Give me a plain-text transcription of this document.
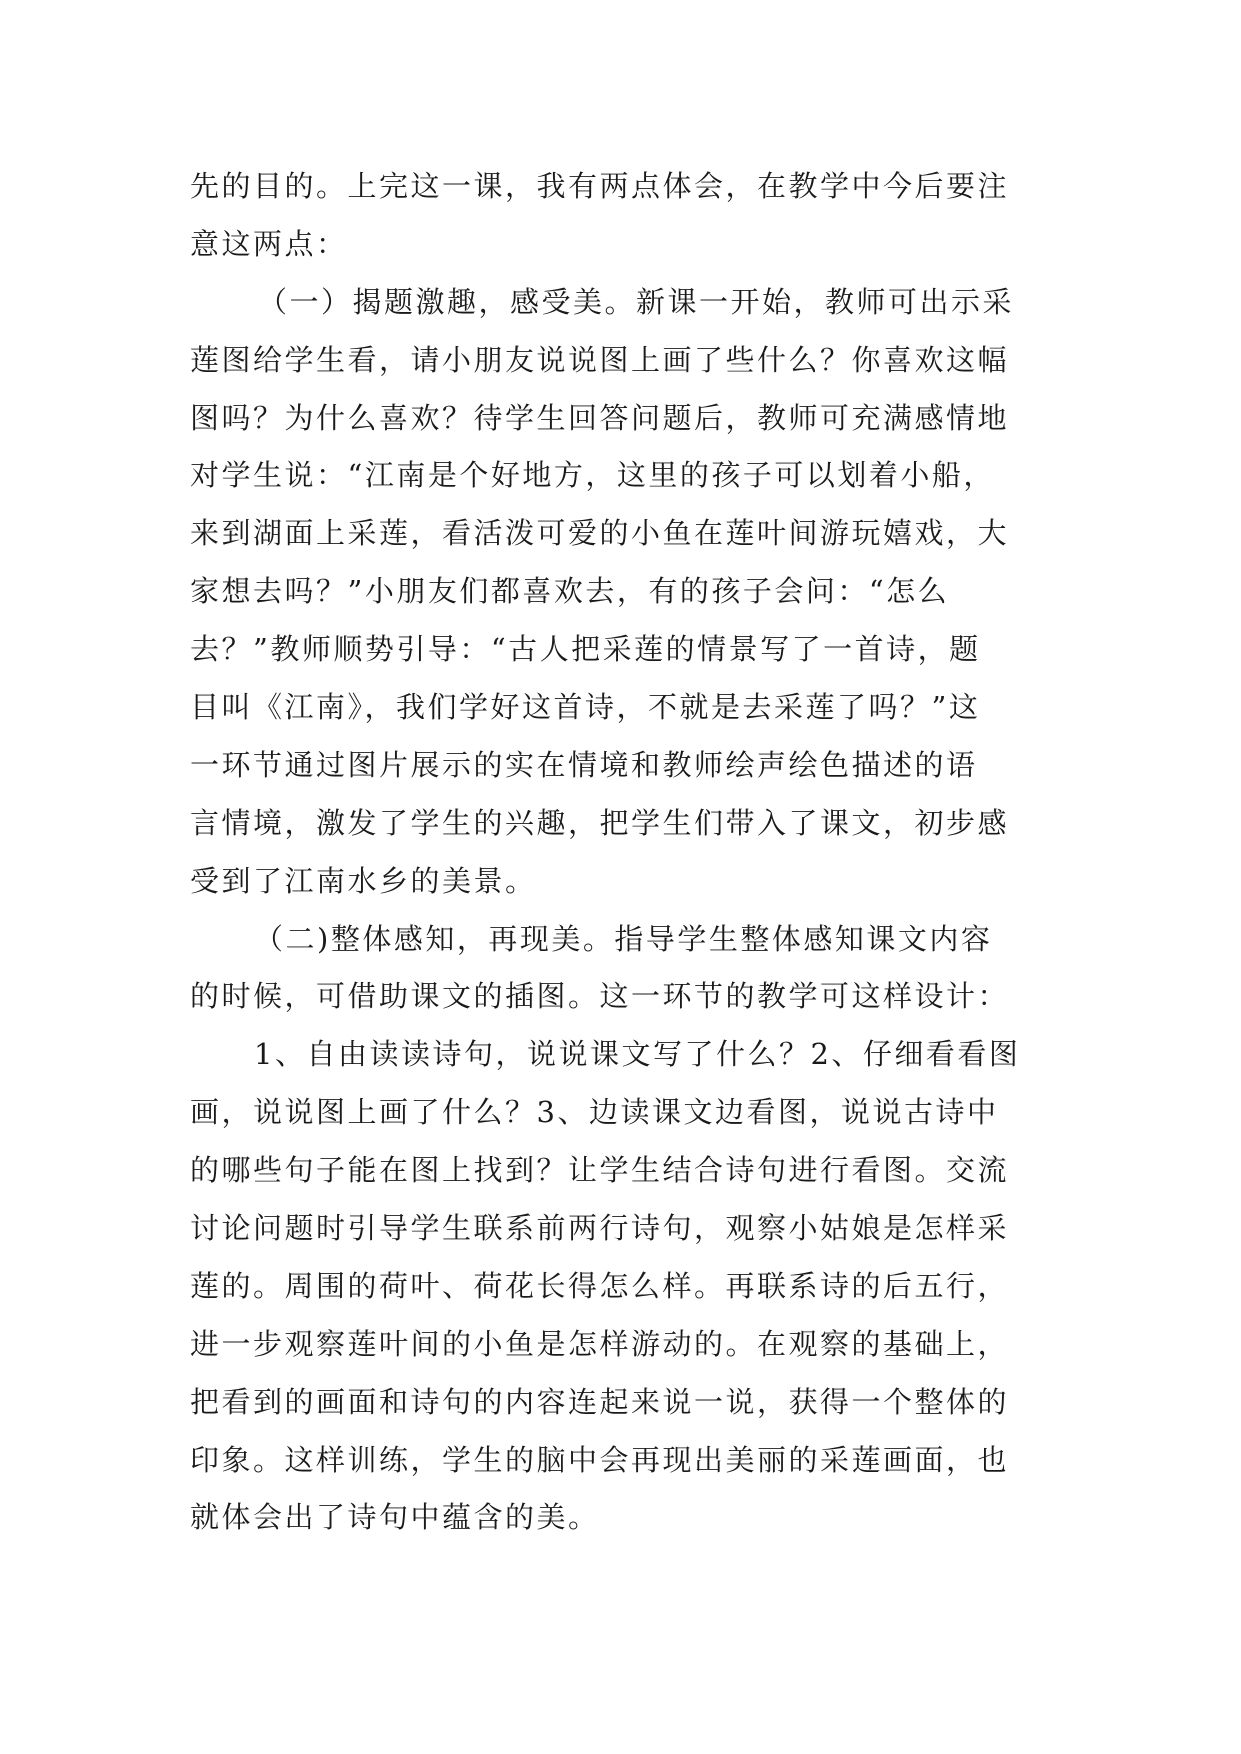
先的目的。上完这一课，我有两点体会，在教学中今后要注
意这两点：
（一）揭题激趣，感受美。新课一开始，教师可出示采
莲图给学生看，请小朋友说说图上画了些什么？你喜欢这幅
图吗？为什么喜欢？待学生回答问题后，教师可充满感情地
对学生说：“江南是个好地方，这里的孩子可以划着小船，
来到湖面上采莲，看活泼可爱的小鱼在莲叶间游玩嬉戏，大
家想去吗？”小朋友们都喜欢去，有的孩子会问：“怎么
去？”教师顺势引导：“古人把采莲的情景写了一首诗，题
目叫《江南》，我们学好这首诗，不就是去采莲了吗？”这
一环节通过图片展示的实在情境和教师绘声绘色描述的语
言情境，激发了学生的兴趣，把学生们带入了课文，初步感
受到了江南水乡的美景。
（二)整体感知，再现美。指导学生整体感知课文内容
的时候，可借助课文的插图。这一环节的教学可这样设计：
1、自由读读诗句，说说课文写了什么？2、仔细看看图
画，说说图上画了什么？3、边读课文边看图，说说古诗中
的哪些句子能在图上找到？让学生结合诗句进行看图。交流
讨论问题时引导学生联系前两行诗句，观察小姑娘是怎样采
莲的。周围的荷叶、荷花长得怎么样。再联系诗的后五行，
进一步观察莲叶间的小鱼是怎样游动的。在观察的基础上，
把看到的画面和诗句的内容连起来说一说，获得一个整体的
印象。这样训练，学生的脑中会再现出美丽的采莲画面，也
就体会出了诗句中蕴含的美。
